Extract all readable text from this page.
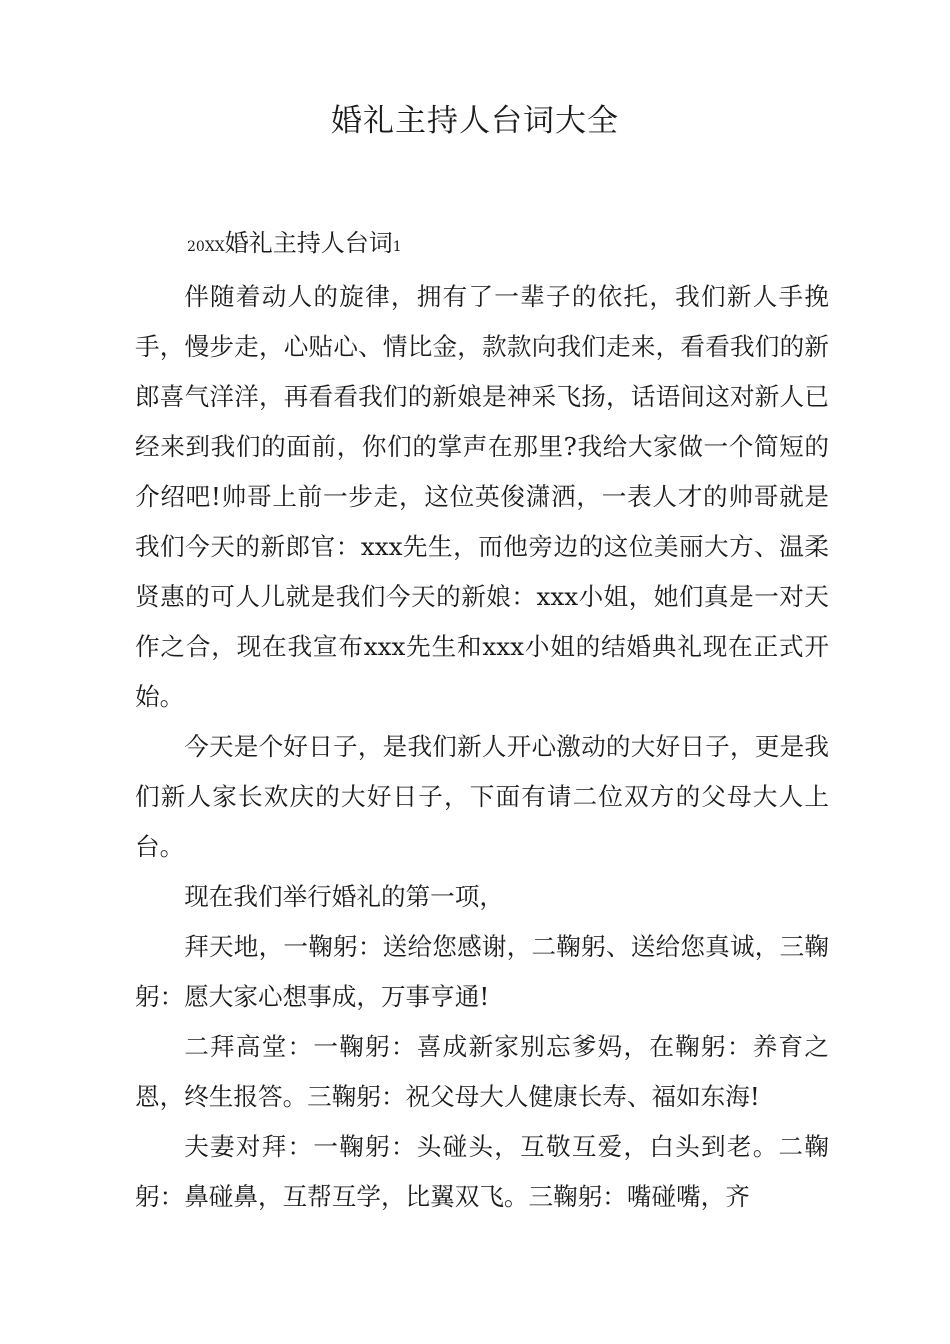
婚礼主持人台词大全

20XX婚礼主持人台词1

伴随着动人的旋律，拥有了一辈子的依托，我们新人手挽手，慢步走，心贴心、情比金，款款向我们走来，看看我们的新郎喜气洋洋，再看看我们的新娘是神采飞扬，话语间这对新人已经来到我们的面前，你们的掌声在那里?我给大家做一个简短的介绍吧!帅哥上前一步走，这位英俊潇洒，一表人才的帅哥就是我们今天的新郎官：xxx先生，而他旁边的这位美丽大方、温柔贤惠的可人儿就是我们今天的新娘：xxx小姐，她们真是一对天作之合，现在我宣布xxx先生和xxx小姐的结婚典礼现在正式开始。

今天是个好日子，是我们新人开心激动的大好日子，更是我们新人家长欢庆的大好日子，下面有请二位双方的父母大人上台。

现在我们举行婚礼的第一项，

拜天地，一鞠躬：送给您感谢，二鞠躬、送给您真诚，三鞠躬：愿大家心想事成，万事亨通!

二拜高堂：一鞠躬：喜成新家别忘爹妈，在鞠躬：养育之恩，终生报答。三鞠躬：祝父母大人健康长寿、福如东海!

夫妻对拜：一鞠躬：头碰头，互敬互爱，白头到老。二鞠躬：鼻碰鼻，互帮互学，比翼双飞。三鞠躬：嘴碰嘴，齐
